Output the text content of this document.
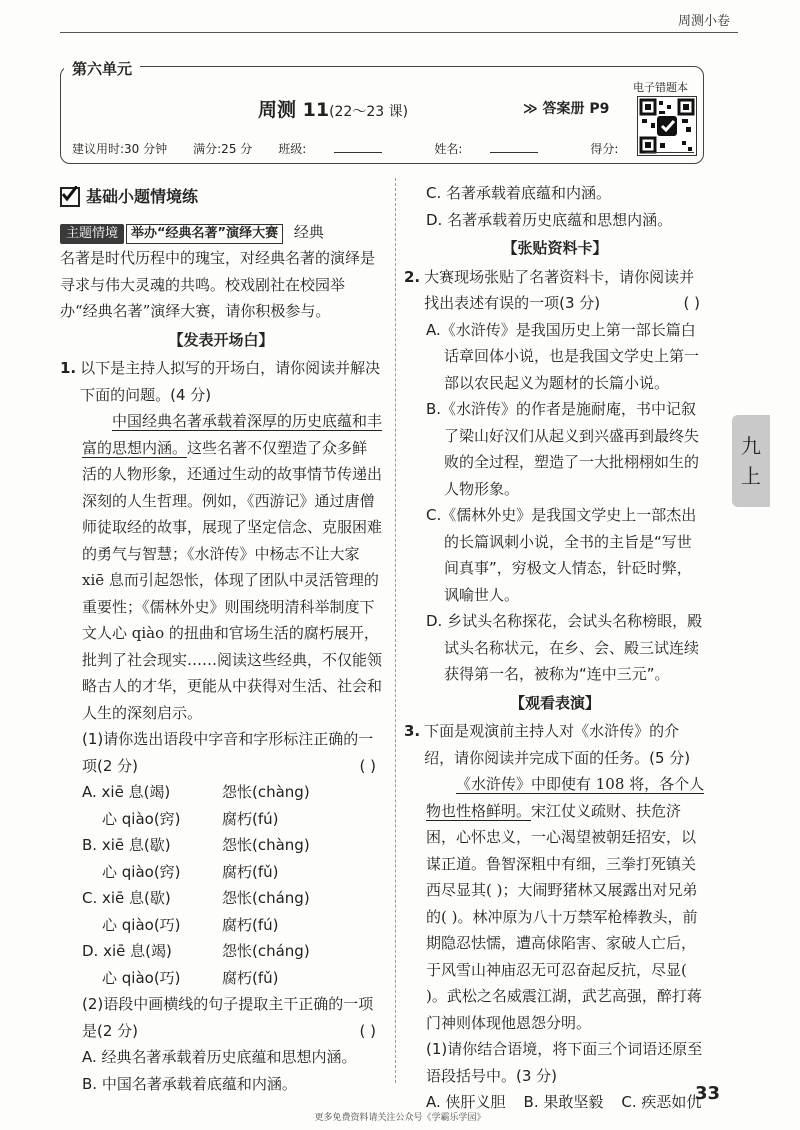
周测小卷
九
上
第六单元
周测 11(22～23 课)	≫ 答案册 P9
电子错题本
建议用时:30 分钟 满分:25 分 班级:	姓名:	得分:
基础小题情境练
主题情境 举办“经典名著”演绎大赛 经典
名著是时代历程中的瑰宝，对经典名著的演绎是寻求与伟大灵魂的共鸣。校戏剧社在校园举办“经典名著”演绎大赛，请你积极参与。
【发表开场白】
1. 以下是主持人拟写的开场白，请你阅读并解决下面的问题。(4 分)
中国经典名著承载着深厚的历史底蕴和丰富的思想内涵。这些名著不仅塑造了众多鲜活的人物形象，还通过生动的故事情节传递出深刻的人生哲理。例如，《西游记》通过唐僧师徒取经的故事，展现了坚定信念、克服困难的勇气与智慧；《水浒传》中杨志不让大家 xiē 息而引起怨怅，体现了团队中灵活管理的重要性；《儒林外史》则围绕明清科举制度下文人心 qiào 的扭曲和官场生活的腐朽展开，批判了社会现实……阅读这些经典，不仅能领略古人的才华，更能从中获得对生活、社会和人生的深刻启示。
(1)请你选出语段中字音和字形标注正确的一项(2 分)	( )
A. xiē 息(竭)	怨怅(chàng)
心 qiào(窍)	腐朽(fú)
B. xiē 息(歇)	怨怅(chàng)
心 qiào(窍)	腐朽(fǔ)
C. xiē 息(歇)	怨怅(cháng)
心 qiào(巧)	腐朽(fú)
D. xiē 息(竭)	怨怅(cháng)
心 qiào(巧)	腐朽(fǔ)
(2)语段中画横线的句子提取主干正确的一项是(2 分)	( )
A. 经典名著承载着历史底蕴和思想内涵。
B. 中国名著承载着底蕴和内涵。
C. 名著承载着底蕴和内涵。
D. 名著承载着历史底蕴和思想内涵。
【张贴资料卡】
2. 大赛现场张贴了名著资料卡，请你阅读并找出表述有误的一项(3 分)	( )
A.《水浒传》是我国历史上第一部长篇白话章回体小说，也是我国文学史上第一部以农民起义为题材的长篇小说。
B.《水浒传》的作者是施耐庵，书中记叙了梁山好汉们从起义到兴盛再到最终失败的全过程，塑造了一大批栩栩如生的人物形象。
C.《儒林外史》是我国文学史上一部杰出的长篇讽刺小说，全书的主旨是“写世间真事”，穷极文人情态，针砭时弊，讽喻世人。
D. 乡试头名称探花，会试头名称榜眼，殿试头名称状元，在乡、会、殿三试连续获得第一名，被称为“连中三元”。
【观看表演】
3. 下面是观演前主持人对《水浒传》的介绍，请你阅读并完成下面的任务。(5 分)
《水浒传》中即使有 108 将，各个人物也性格鲜明。宋江仗义疏财、扶危济困，心怀忠义，一心渴望被朝廷招安，以谋正道。鲁智深粗中有细，三拳打死镇关西尽显其( )；大闹野猪林又展露出对兄弟的( )。林冲原为八十万禁军枪棒教头，前期隐忍怯懦，遭高俅陷害、家破人亡后，于风雪山神庙忍无可忍奋起反抗，尽显( )。武松之名威震江湖，武艺高强，醉打蒋门神则体现他恩怨分明。
(1)请你结合语境，将下面三个词语还原至语段括号中。(3 分)
A. 侠肝义胆 B. 果敢坚毅 C. 疾恶如仇
33
更多免费资料请关注公众号《学霸乐学园》
